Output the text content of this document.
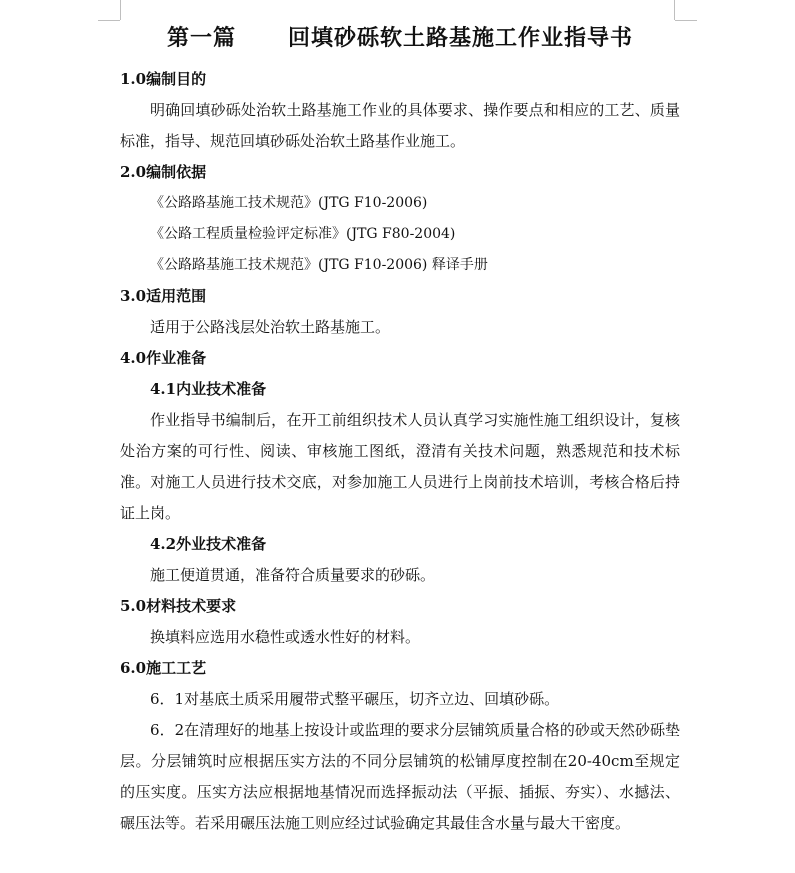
第一篇      回填砂砾软土路基施工作业指导书

1.0编制目的

明确回填砂砾处治软土路基施工作业的具体要求、操作要点和相应的工艺、质量标准，指导、规范回填砂砾处治软土路基作业施工。

2.0编制依据

《公路路基施工技术规范》(JTG F10-2006)

《公路工程质量检验评定标准》(JTG F80-2004)

《公路路基施工技术规范》(JTG F10-2006) 释译手册

3.0适用范围

适用于公路浅层处治软土路基施工。

4.0作业准备

4.1内业技术准备

作业指导书编制后，在开工前组织技术人员认真学习实施性施工组织设计，复核处治方案的可行性、阅读、审核施工图纸，澄清有关技术问题，熟悉规范和技术标准。对施工人员进行技术交底，对参加施工人员进行上岗前技术培训，考核合格后持证上岗。

4.2外业技术准备

施工便道贯通，准备符合质量要求的砂砾。

5.0材料技术要求

换填料应选用水稳性或透水性好的材料。

6.0施工工艺

6．1对基底土质采用履带式整平碾压，切齐立边、回填砂砾。

6．2在清理好的地基上按设计或监理的要求分层铺筑质量合格的砂或天然砂砾垫层。分层铺筑时应根据压实方法的不同分层铺筑的松铺厚度控制在20-40cm至规定的压实度。压实方法应根据地基情况而选择振动法（平振、插振、夯实）、水撼法、碾压法等。若采用碾压法施工则应经过试验确定其最佳含水量与最大干密度。
